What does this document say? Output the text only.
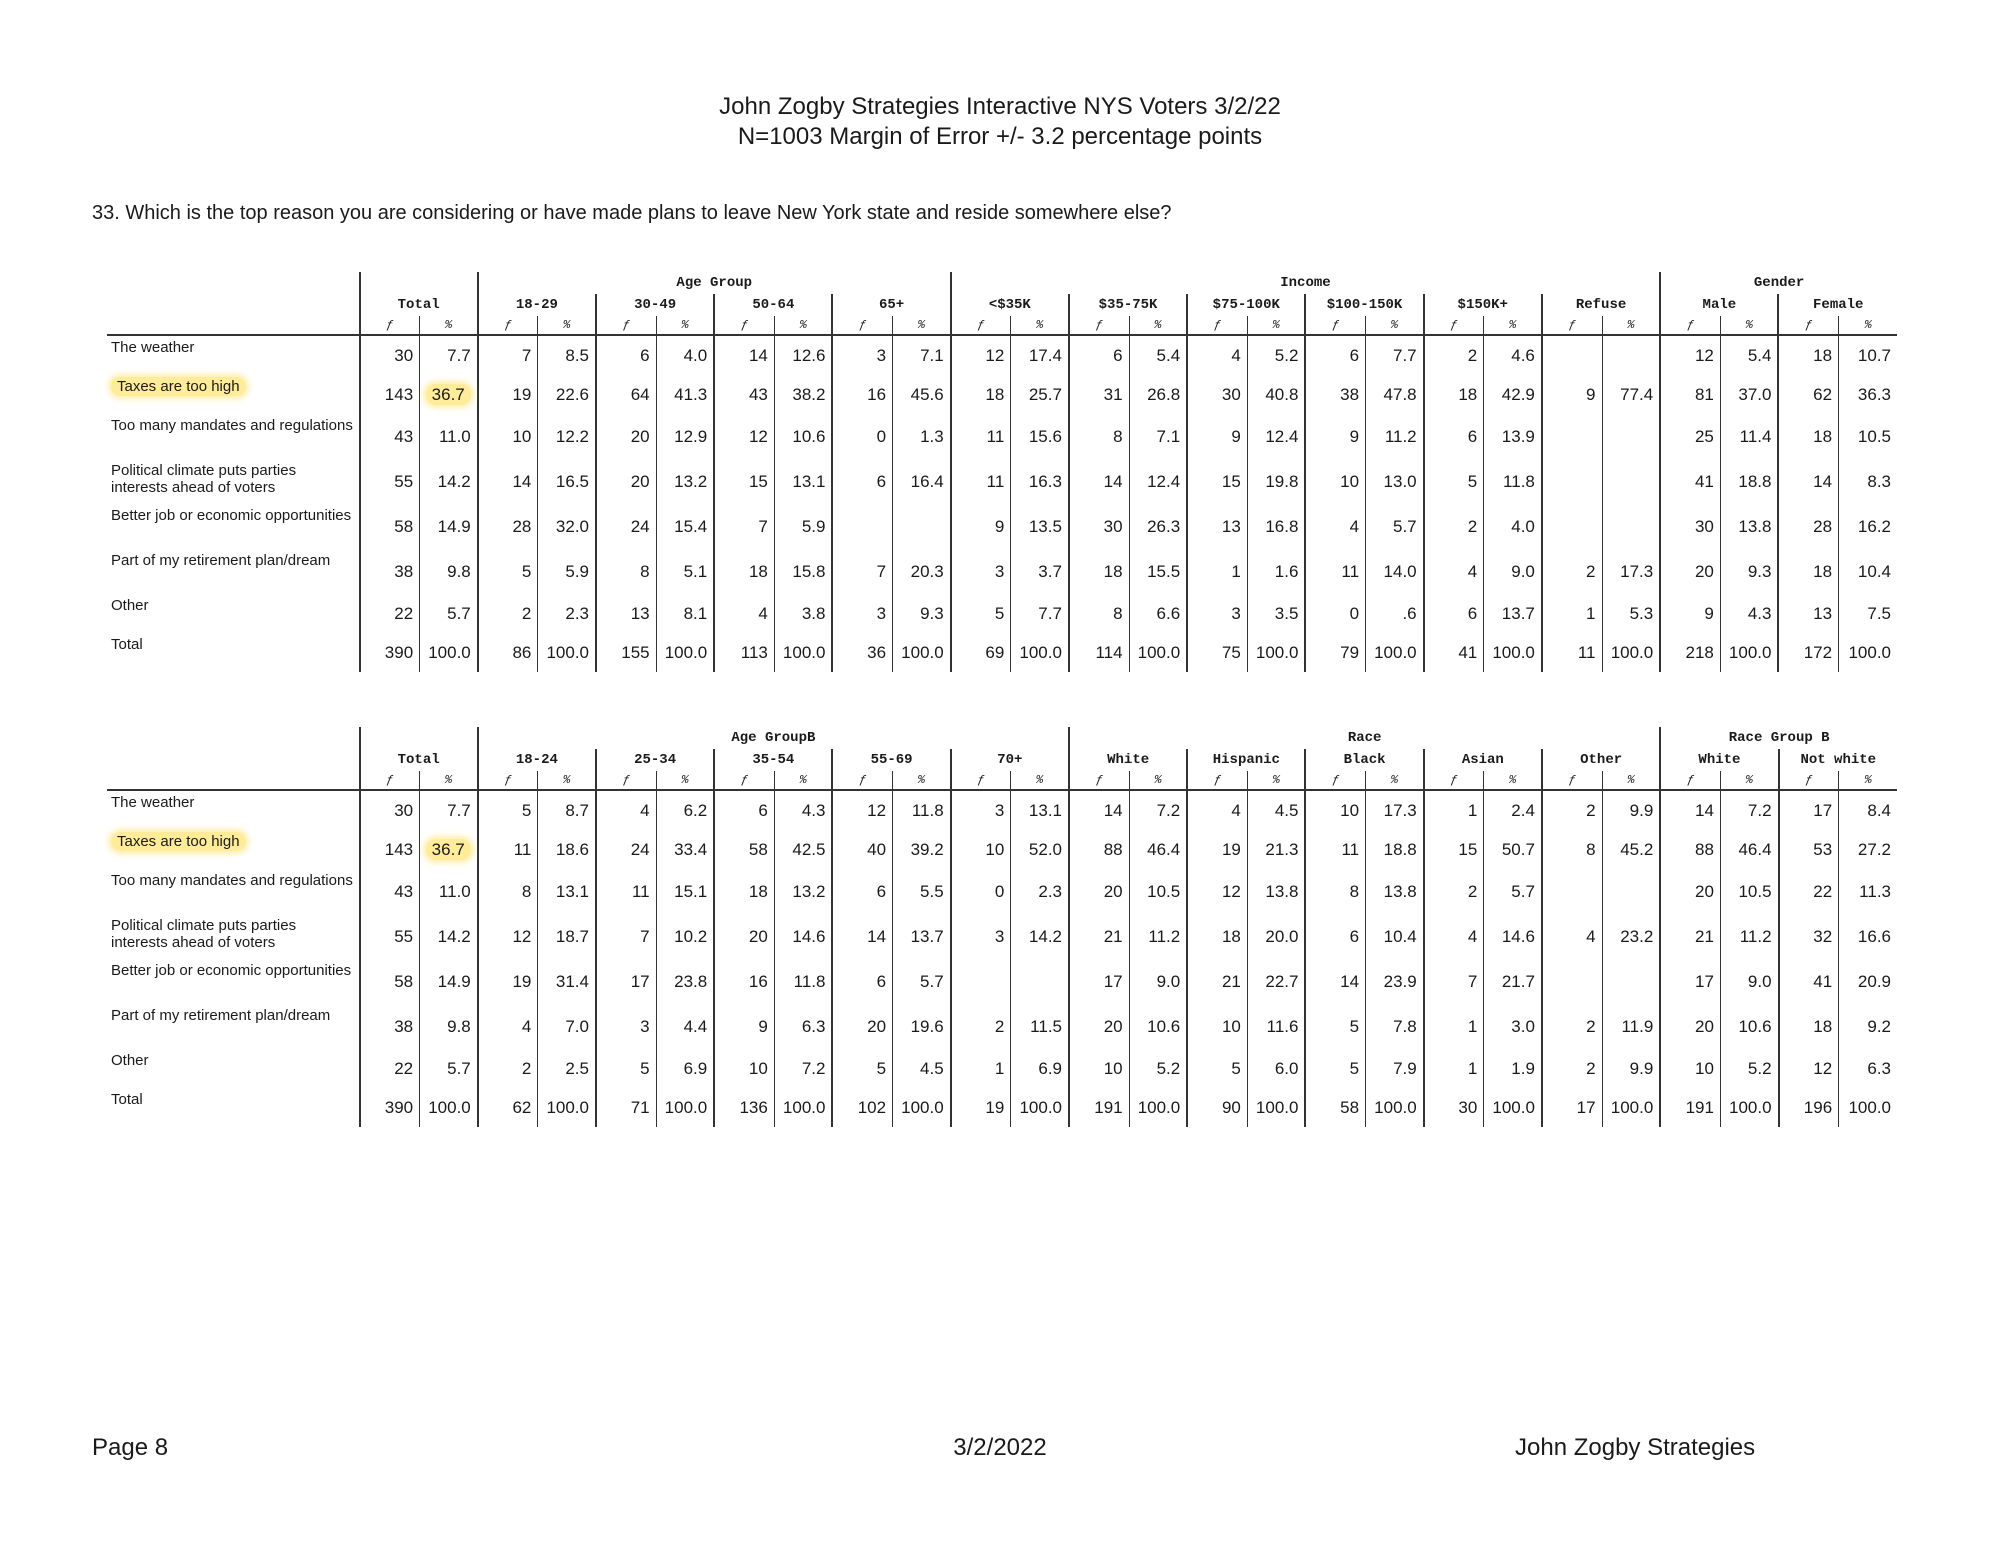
John Zogby Strategies Interactive NYS Voters 3/2/22
N=1003 Margin of Error +/- 3.2 percentage points
33. Which is the top reason you are considering or have made plans to leave New York state and reside somewhere else?
			Age Group								Income												Gender			
	Total		18-29		30-49		50-64		65+		<$35K		$35-75K		$75-100K		$100-150K		$150K+		Refuse		Male		Female	
	ƒ	%	ƒ	%	ƒ	%	ƒ	%	ƒ	%	ƒ	%	ƒ	%	ƒ	%	ƒ	%	ƒ	%	ƒ	%	ƒ	%	ƒ	%
The weather	30	7.7	7	8.5	6	4.0	14	12.6	3	7.1	12	17.4	6	5.4	4	5.2	6	7.7	2	4.6			12	5.4	18	10.7
Taxes are too high	143	36.7	19	22.6	64	41.3	43	38.2	16	45.6	18	25.7	31	26.8	30	40.8	38	47.8	18	42.9	9	77.4	81	37.0	62	36.3
Too many mandates and regulations	43	11.0	10	12.2	20	12.9	12	10.6	0	1.3	11	15.6	8	7.1	9	12.4	9	11.2	6	13.9			25	11.4	18	10.5
Political climate puts parties interests ahead of voters	55	14.2	14	16.5	20	13.2	15	13.1	6	16.4	11	16.3	14	12.4	15	19.8	10	13.0	5	11.8			41	18.8	14	8.3
Better job or economic opportunities	58	14.9	28	32.0	24	15.4	7	5.9			9	13.5	30	26.3	13	16.8	4	5.7	2	4.0			30	13.8	28	16.2
Part of my retirement plan/dream	38	9.8	5	5.9	8	5.1	18	15.8	7	20.3	3	3.7	18	15.5	1	1.6	11	14.0	4	9.0	2	17.3	20	9.3	18	10.4
Other	22	5.7	2	2.3	13	8.1	4	3.8	3	9.3	5	7.7	8	6.6	3	3.5	0	.6	6	13.7	1	5.3	9	4.3	13	7.5
Total	390	100.0	86	100.0	155	100.0	113	100.0	36	100.0	69	100.0	114	100.0	75	100.0	79	100.0	41	100.0	11	100.0	218	100.0	172	100.0
			Age GroupB										Race										Race Group B			
	Total		18-24		25-34		35-54		55-69		70+		White		Hispanic		Black		Asian		Other		White		Not white	
	ƒ	%	ƒ	%	ƒ	%	ƒ	%	ƒ	%	ƒ	%	ƒ	%	ƒ	%	ƒ	%	ƒ	%	ƒ	%	ƒ	%	ƒ	%
The weather	30	7.7	5	8.7	4	6.2	6	4.3	12	11.8	3	13.1	14	7.2	4	4.5	10	17.3	1	2.4	2	9.9	14	7.2	17	8.4
Taxes are too high	143	36.7	11	18.6	24	33.4	58	42.5	40	39.2	10	52.0	88	46.4	19	21.3	11	18.8	15	50.7	8	45.2	88	46.4	53	27.2
Too many mandates and regulations	43	11.0	8	13.1	11	15.1	18	13.2	6	5.5	0	2.3	20	10.5	12	13.8	8	13.8	2	5.7			20	10.5	22	11.3
Political climate puts parties interests ahead of voters	55	14.2	12	18.7	7	10.2	20	14.6	14	13.7	3	14.2	21	11.2	18	20.0	6	10.4	4	14.6	4	23.2	21	11.2	32	16.6
Better job or economic opportunities	58	14.9	19	31.4	17	23.8	16	11.8	6	5.7			17	9.0	21	22.7	14	23.9	7	21.7			17	9.0	41	20.9
Part of my retirement plan/dream	38	9.8	4	7.0	3	4.4	9	6.3	20	19.6	2	11.5	20	10.6	10	11.6	5	7.8	1	3.0	2	11.9	20	10.6	18	9.2
Other	22	5.7	2	2.5	5	6.9	10	7.2	5	4.5	1	6.9	10	5.2	5	6.0	5	7.9	1	1.9	2	9.9	10	5.2	12	6.3
Total	390	100.0	62	100.0	71	100.0	136	100.0	102	100.0	19	100.0	191	100.0	90	100.0	58	100.0	30	100.0	17	100.0	191	100.0	196	100.0
Page 8	3/2/2022	John Zogby Strategies
